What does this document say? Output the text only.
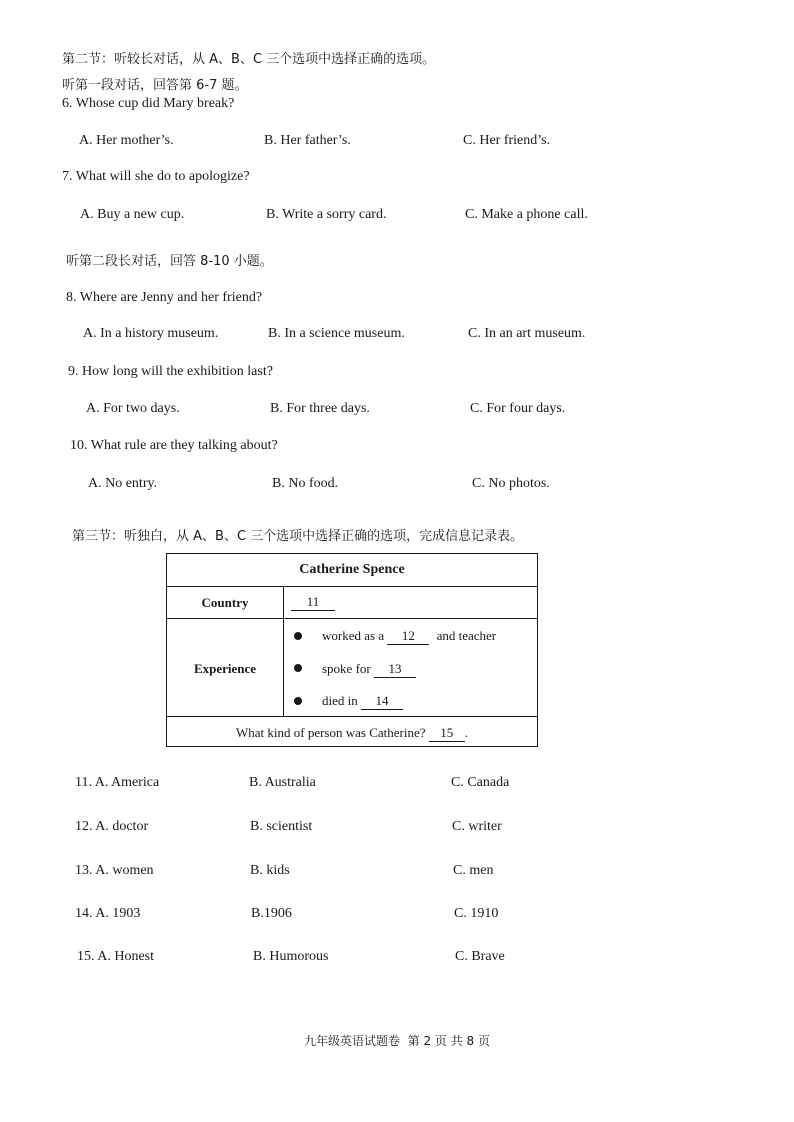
第二节：听较长对话，从 A、B、C 三个选项中选择正确的选项。
听第一段对话，回答第 6-7 题。
6. Whose cup did Mary break?
A. Her mother’s.	B. Her father’s.	C. Her friend’s.
7. What will she do to apologize?
A. Buy a new cup.	B. Write a sorry card.	C. Make a phone call.
听第二段长对话，回答 8-10 小题。
8. Where are Jenny and her friend?
A. In a history museum.	B. In a science museum.	C. In an art museum.
9. How long will the exhibition last?
A. For two days.	B. For three days.	C. For four days.
10. What rule are they talking about?
A. No entry.	B. No food.	C. No photos.
第三节：听独白，从 A、B、C 三个选项中选择正确的选项，完成信息记录表。
Catherine Spence
Country	11
Experience
worked as a 12 and teacher
spoke for 13
died in 14
What kind of person was Catherine? 15 .
11. A. America	B. Australia	C. Canada
12. A. doctor	B. scientist	C. writer
13. A. women	B. kids	C. men
14. A. 1903	B.1906	C. 1910
15. A. Honest	B. Humorous	C. Brave
九年级英语试题卷  第 2 页 共 8 页
